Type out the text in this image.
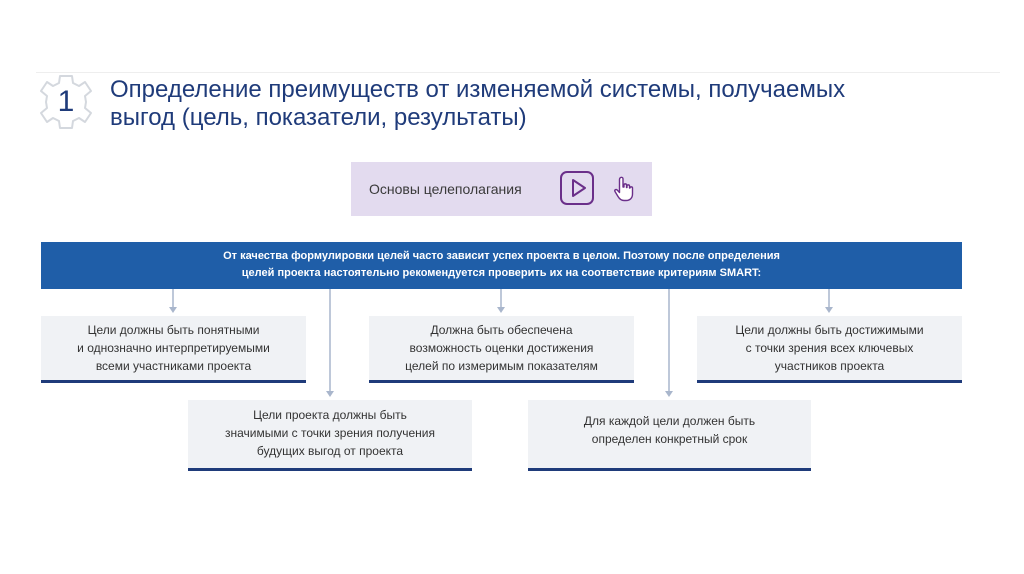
1	Определение преимуществ от изменяемой системы, получаемых
выгод (цель, показатели, результаты)
Основы целеполагания
От качества формулировки целей часто зависит успех проекта в целом. Поэтому после определения
целей проекта настоятельно рекомендуется проверить их на соответствие критериям SMART:
Цели должны быть понятными
и однозначно интерпретируемыми
всеми участниками проекта
Должна быть обеспечена
возможность оценки достижения
целей по измеримым показателям
Цели должны быть достижимыми
с точки зрения всех ключевых
участников проекта
Цели проекта должны быть
значимыми с точки зрения получения
будущих выгод от проекта
Для каждой цели должен быть
определен конкретный срок
